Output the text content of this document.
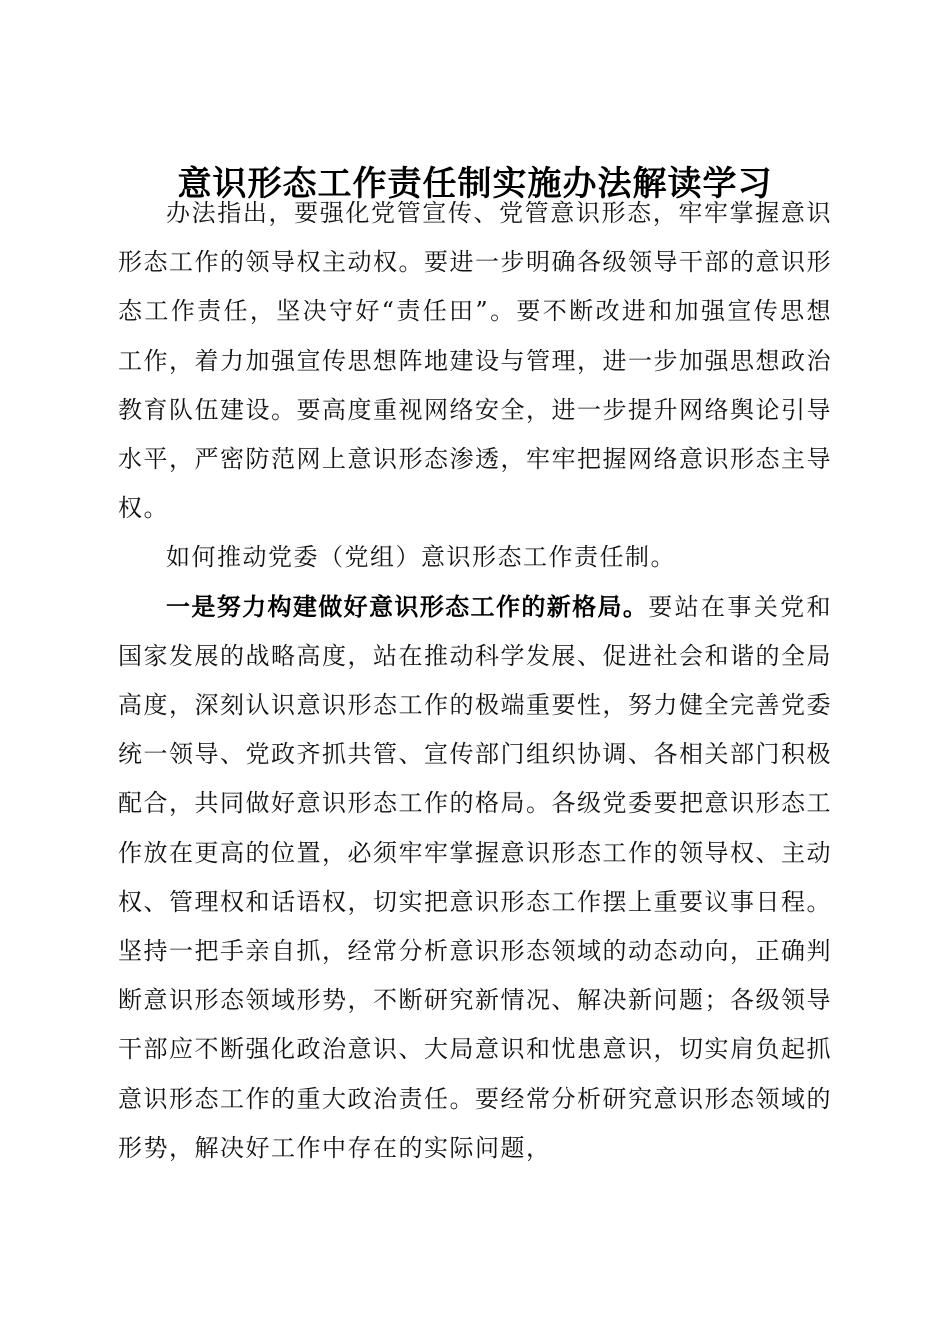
意识形态工作责任制实施办法解读学习

办法指出，要强化党管宣传、党管意识形态，牢牢掌握意识形态工作的领导权主动权。要进一步明确各级领导干部的意识形态工作责任，坚决守好“责任田”。要不断改进和加强宣传思想工作，着力加强宣传思想阵地建设与管理，进一步加强思想政治教育队伍建设。要高度重视网络安全，进一步提升网络舆论引导水平，严密防范网上意识形态渗透，牢牢把握网络意识形态主导权。

如何推动党委（党组）意识形态工作责任制。

一是努力构建做好意识形态工作的新格局。要站在事关党和国家发展的战略高度，站在推动科学发展、促进社会和谐的全局高度，深刻认识意识形态工作的极端重要性，努力健全完善党委统一领导、党政齐抓共管、宣传部门组织协调、各相关部门积极配合，共同做好意识形态工作的格局。各级党委要把意识形态工作放在更高的位置，必须牢牢掌握意识形态工作的领导权、主动权、管理权和话语权，切实把意识形态工作摆上重要议事日程。坚持一把手亲自抓，经常分析意识形态领域的动态动向，正确判断意识形态领域形势，不断研究新情况、解决新问题；各级领导干部应不断强化政治意识、大局意识和忧患意识，切实肩负起抓意识形态工作的重大政治责任。要经常分析研究意识形态领域的形势，解决好工作中存在的实际问题，
